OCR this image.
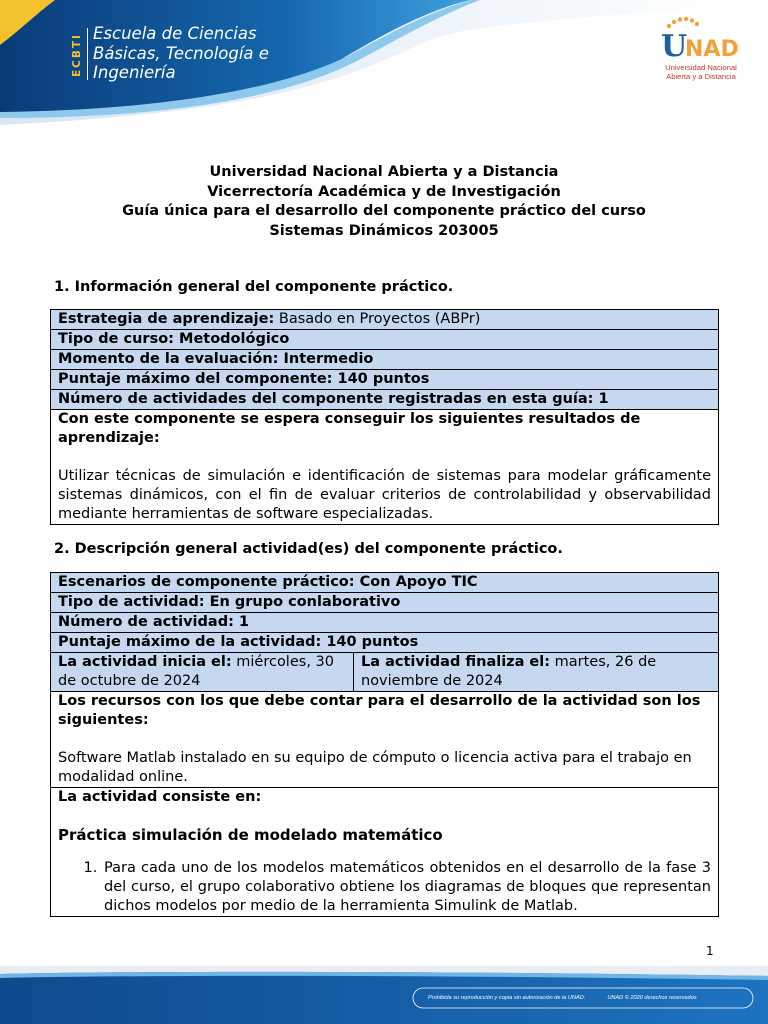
ECBTI Escuela de Ciencias
Básicas, Tecnología e
Ingeniería
U
NAD
Universidad Nacional
Abierta y a Distancia
Universidad Nacional Abierta y a Distancia
Vicerrectoría Académica y de Investigación
Guía única para el desarrollo del componente práctico del curso
Sistemas Dinámicos 203005
1. Información general del componente práctico.
Estrategia de aprendizaje: Basado en Proyectos (ABPr)
Tipo de curso: Metodológico
Momento de la evaluación: Intermedio
Puntaje máximo del componente: 140 puntos
Número de actividades del componente registradas en esta guía: 1

Con este componente se espera conseguir los siguientes resultados de aprendizaje:
Utilizar técnicas de simulación e identificación de sistemas para modelar gráficamente sistemas dinámicos, con el fin de evaluar criterios de controlabilidad y observabilidad mediante herramientas de software especializadas.
2. Descripción general actividad(es) del componente práctico.
Escenarios de componente práctico: Con Apoyo TIC
Tipo de actividad: En grupo conlaborativo
Número de actividad: 1
Puntaje máximo de la actividad: 140 puntos
La actividad inicia el: miércoles, 30 de octubre de 2024	La actividad finaliza el: martes, 26 de noviembre de 2024

Los recursos con los que debe contar para el desarrollo de la actividad son los siguientes:
Software Matlab instalado en su equipo de cómputo o licencia activa para el trabajo en modalidad online.

La actividad consiste en:
Práctica simulación de modelado matemático
1. Para cada uno de los modelos matemáticos obtenidos en el desarrollo de la fase 3 del curso, el grupo colaborativo obtiene los diagramas de bloques que representan dichos modelos por medio de la herramienta Simulink de Matlab.
1
Prohibida su reproducción y copia sin autorización de la UNAD.	UNAD © 2020 derechos reservados
